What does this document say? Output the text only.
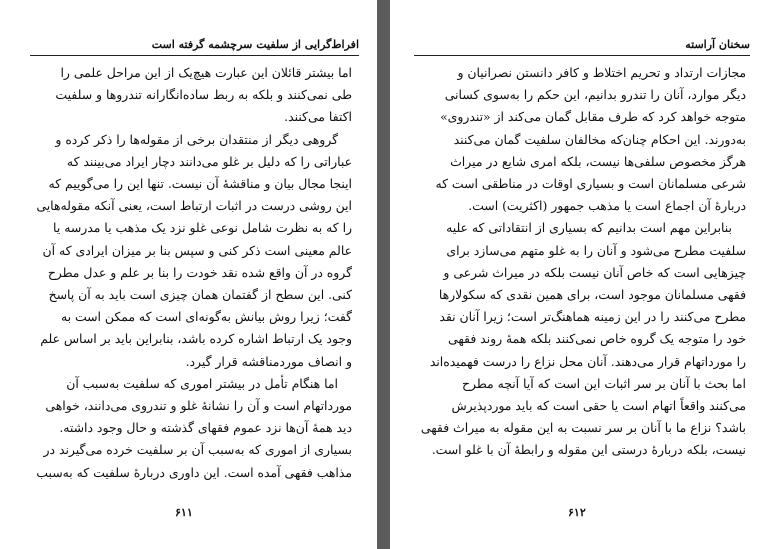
افراط‌گرایی از سلفیت سرچشمه گرفته است
اما بیشتر قائلان این عبارت هیچ‌یک از این مراحل علمی را
طی نمی‌کنند و بلکه به ربط ساده‌انگارانه تندروها و سلفیت
اکتفا می‌کنند.
گروهی دیگر از منتقدان برخی از مقوله‌ها را ذکر کرده و
عباراتی را که دلیل بر غلو می‌دانند دچار ایراد می‌بینند که
اینجا مجال بیان و مناقشهٔ آن نیست. تنها این را می‌گوییم که
این روشی درست در اثبات ارتباط است، یعنی آنکه مقوله‌هایی
را که به نظرت شامل نوعی غلو نزد یک مذهب یا مدرسه یا
عالم معینی است ذکر کنی و سپس بنا بر میزان ایرادی که آن
گروه در آن واقع شده نقد خودت را بنا بر علم و عدل مطرح
کنی. این سطح از گفتمان همان چیزی است باید به آن پاسخ
گفت؛ زیرا روش بیانش به‌گونه‌ای است که ممکن است به
وجود یک ارتباط اشاره کرده باشد، بنابراین باید بر اساس علم
و انصاف موردمناقشه قرار گیرد.
اما هنگام تأمل در بیشتر اموری که سلفیت به‌سبب آن
مورداتهام است و آن را نشانهٔ غلو و تندروی می‌دانند، خواهی
دید همهٔ آن‌ها نزد عموم فقهای گذشته و حال وجود داشته.
بسیاری از اموری که به‌سبب آن بر سلفیت خرده می‌گیرند در
مذاهب فقهی آمده است. این داوری دربارهٔ سلفیت که به‌سبب
۶۱۱
سخنان آراسته
مجازات ارتداد و تحریم اختلاط و کافر دانستن نصرانیان و
دیگر موارد، آنان را تندرو بدانیم، این حکم را به‌سوی کسانی
متوجه خواهد کرد که طرف مقابل گمان می‌کند از «تندروی»
به‌دورند. این احکام چنان‌که مخالفان سلفیت گمان می‌کنند
هرگز مخصوص سلفی‌ها نیست، بلکه امری شایع در میراث
شرعی مسلمانان است و بسیاری اوقات در مناطقی است که
دربارهٔ آن اجماع است یا مذهب جمهور (اکثریت) است.
بنابراین مهم است بدانیم که بسیاری از انتقاداتی که علیه
سلفیت مطرح می‌شود و آنان را به غلو متهم می‌سازد برای
چیزهایی است که خاص آنان نیست بلکه در میراث شرعی و
فقهی مسلمانان موجود است، برای همین نقدی که سکولارها
مطرح می‌کنند را در این زمینه هماهنگ‌تر است؛ زیرا آنان نقد
خود را متوجه یک گروه خاص نمی‌کنند بلکه همهٔ روند فقهی
را مورداتهام قرار می‌دهند. آنان محل نزاع را درست فهمیده‌اند
اما بحث با آنان بر سر اثبات این است که آیا آنچه مطرح
می‌کنند واقعاً اتهام است یا حقی است که باید موردپذیرش
باشد؟ نزاع ما با آنان بر سر نسبت به این مقوله به میراث فقهی
نیست، بلکه دربارهٔ درستی این مقوله و رابطهٔ آن با غلو است.
۶۱۲
